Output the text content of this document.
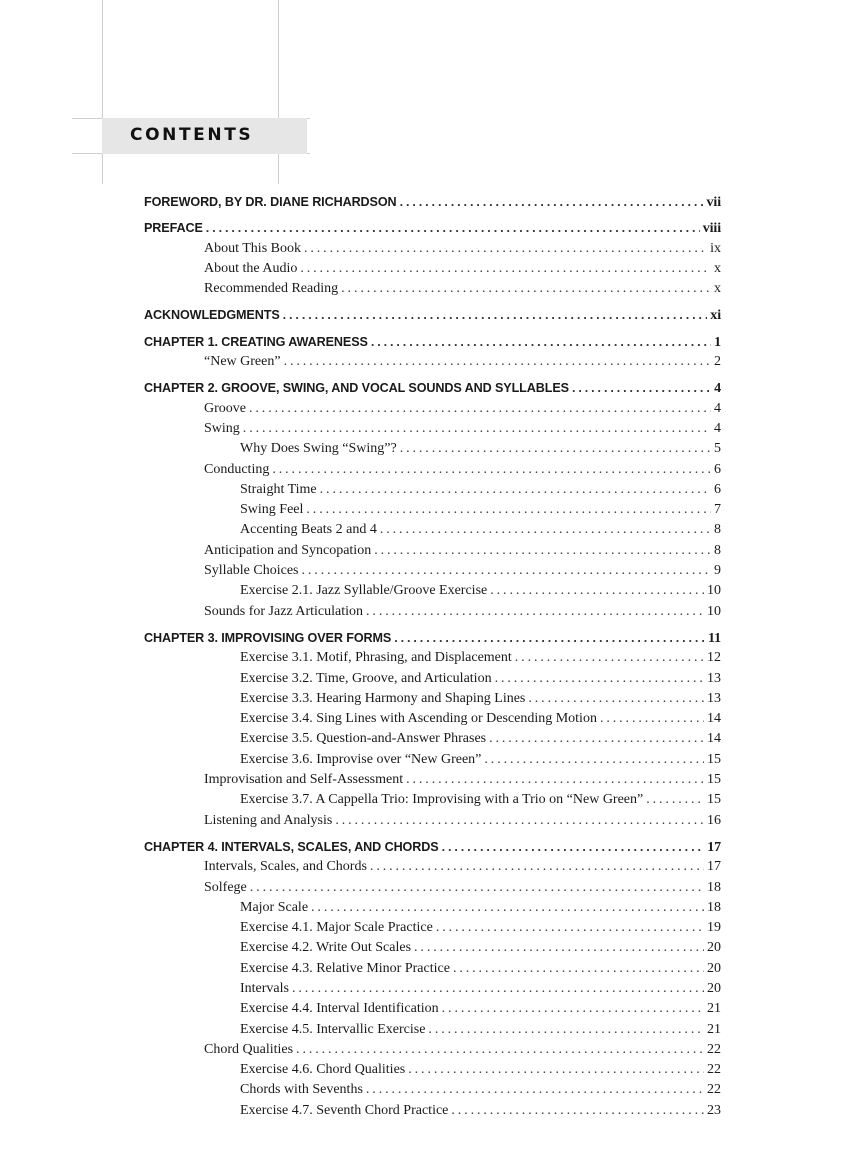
CONTENTS
FOREWORD, BY DR. DIANE RICHARDSON . . .	vii
PREFACE . . .	viii
About This Book . . .	ix
About the Audio . . .	x
Recommended Reading . . .	x
ACKNOWLEDGMENTS . . .	xi
CHAPTER 1. CREATING AWARENESS . . .	1
“New Green” . . .	2
CHAPTER 2. GROOVE, SWING, AND VOCAL SOUNDS AND SYLLABLES . . .	4
Groove . . .	4
Swing . . .	4
Why Does Swing “Swing”? . . .	5
Conducting . . .	6
Straight Time . . .	6
Swing Feel . . .	7
Accenting Beats 2 and 4 . . .	8
Anticipation and Syncopation . . .	8
Syllable Choices . . .	9
Exercise 2.1. Jazz Syllable/Groove Exercise . . .	10
Sounds for Jazz Articulation . . .	10
CHAPTER 3. IMPROVISING OVER FORMS . . .	11
Exercise 3.1. Motif, Phrasing, and Displacement . . .	12
Exercise 3.2. Time, Groove, and Articulation . . .	13
Exercise 3.3. Hearing Harmony and Shaping Lines . . .	13
Exercise 3.4. Sing Lines with Ascending or Descending Motion . . .	14
Exercise 3.5. Question-and-Answer Phrases . . .	14
Exercise 3.6. Improvise over “New Green” . . .	15
Improvisation and Self-Assessment . . .	15
Exercise 3.7. A Cappella Trio: Improvising with a Trio on “New Green” . . .	15
Listening and Analysis . . .	16
CHAPTER 4. INTERVALS, SCALES, AND CHORDS . . .	17
Intervals, Scales, and Chords . . .	17
Solfege . . .	18
Major Scale . . .	18
Exercise 4.1. Major Scale Practice . . .	19
Exercise 4.2. Write Out Scales . . .	20
Exercise 4.3. Relative Minor Practice . . .	20
Intervals . . .	20
Exercise 4.4. Interval Identification . . .	21
Exercise 4.5. Intervallic Exercise . . .	21
Chord Qualities . . .	22
Exercise 4.6. Chord Qualities . . .	22
Chords with Sevenths . . .	22
Exercise 4.7. Seventh Chord Practice . . .	23
